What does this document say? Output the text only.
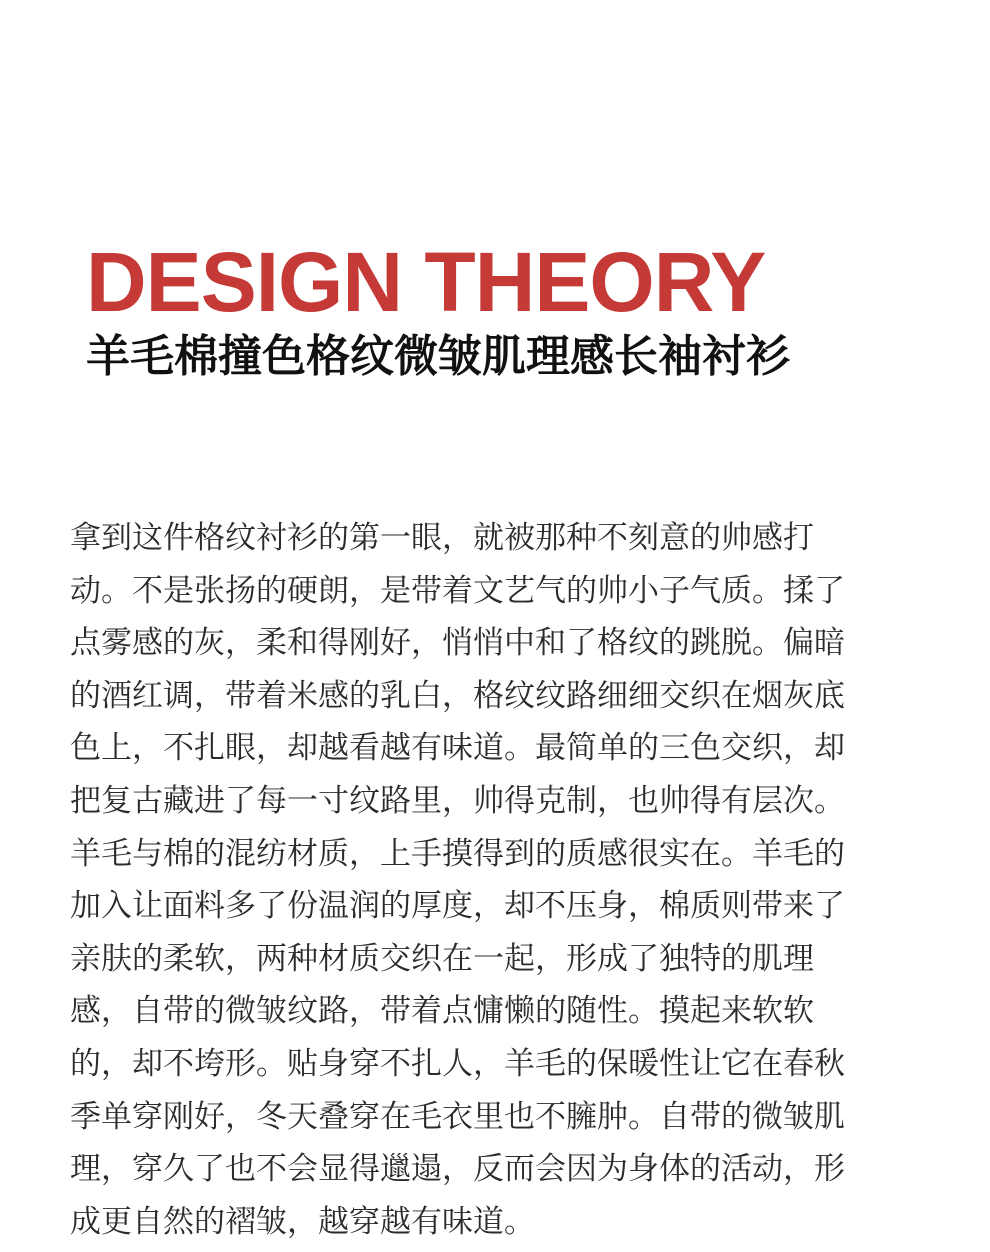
DESIGN THEORY
羊毛棉撞色格纹微皱肌理感长袖衬衫
拿到这件格纹衬衫的第一眼，就被那种不刻意的帅感打
动。不是张扬的硬朗，是带着文艺气的帅小子气质。揉了
点雾感的灰，柔和得刚好，悄悄中和了格纹的跳脱。偏暗
的酒红调，带着米感的乳白，格纹纹路细细交织在烟灰底
色上，不扎眼，却越看越有味道。最简单的三色交织，却
把复古藏进了每一寸纹路里，帅得克制，也帅得有层次。
羊毛与棉的混纺材质，上手摸得到的质感很实在。羊毛的
加入让面料多了份温润的厚度，却不压身，棉质则带来了
亲肤的柔软，两种材质交织在一起，形成了独特的肌理
感，自带的微皱纹路，带着点慵懒的随性。摸起来软软
的，却不垮形。贴身穿不扎人，羊毛的保暖性让它在春秋
季单穿刚好，冬天叠穿在毛衣里也不臃肿。自带的微皱肌
理，穿久了也不会显得邋遢，反而会因为身体的活动，形
成更自然的褶皱，越穿越有味道。
